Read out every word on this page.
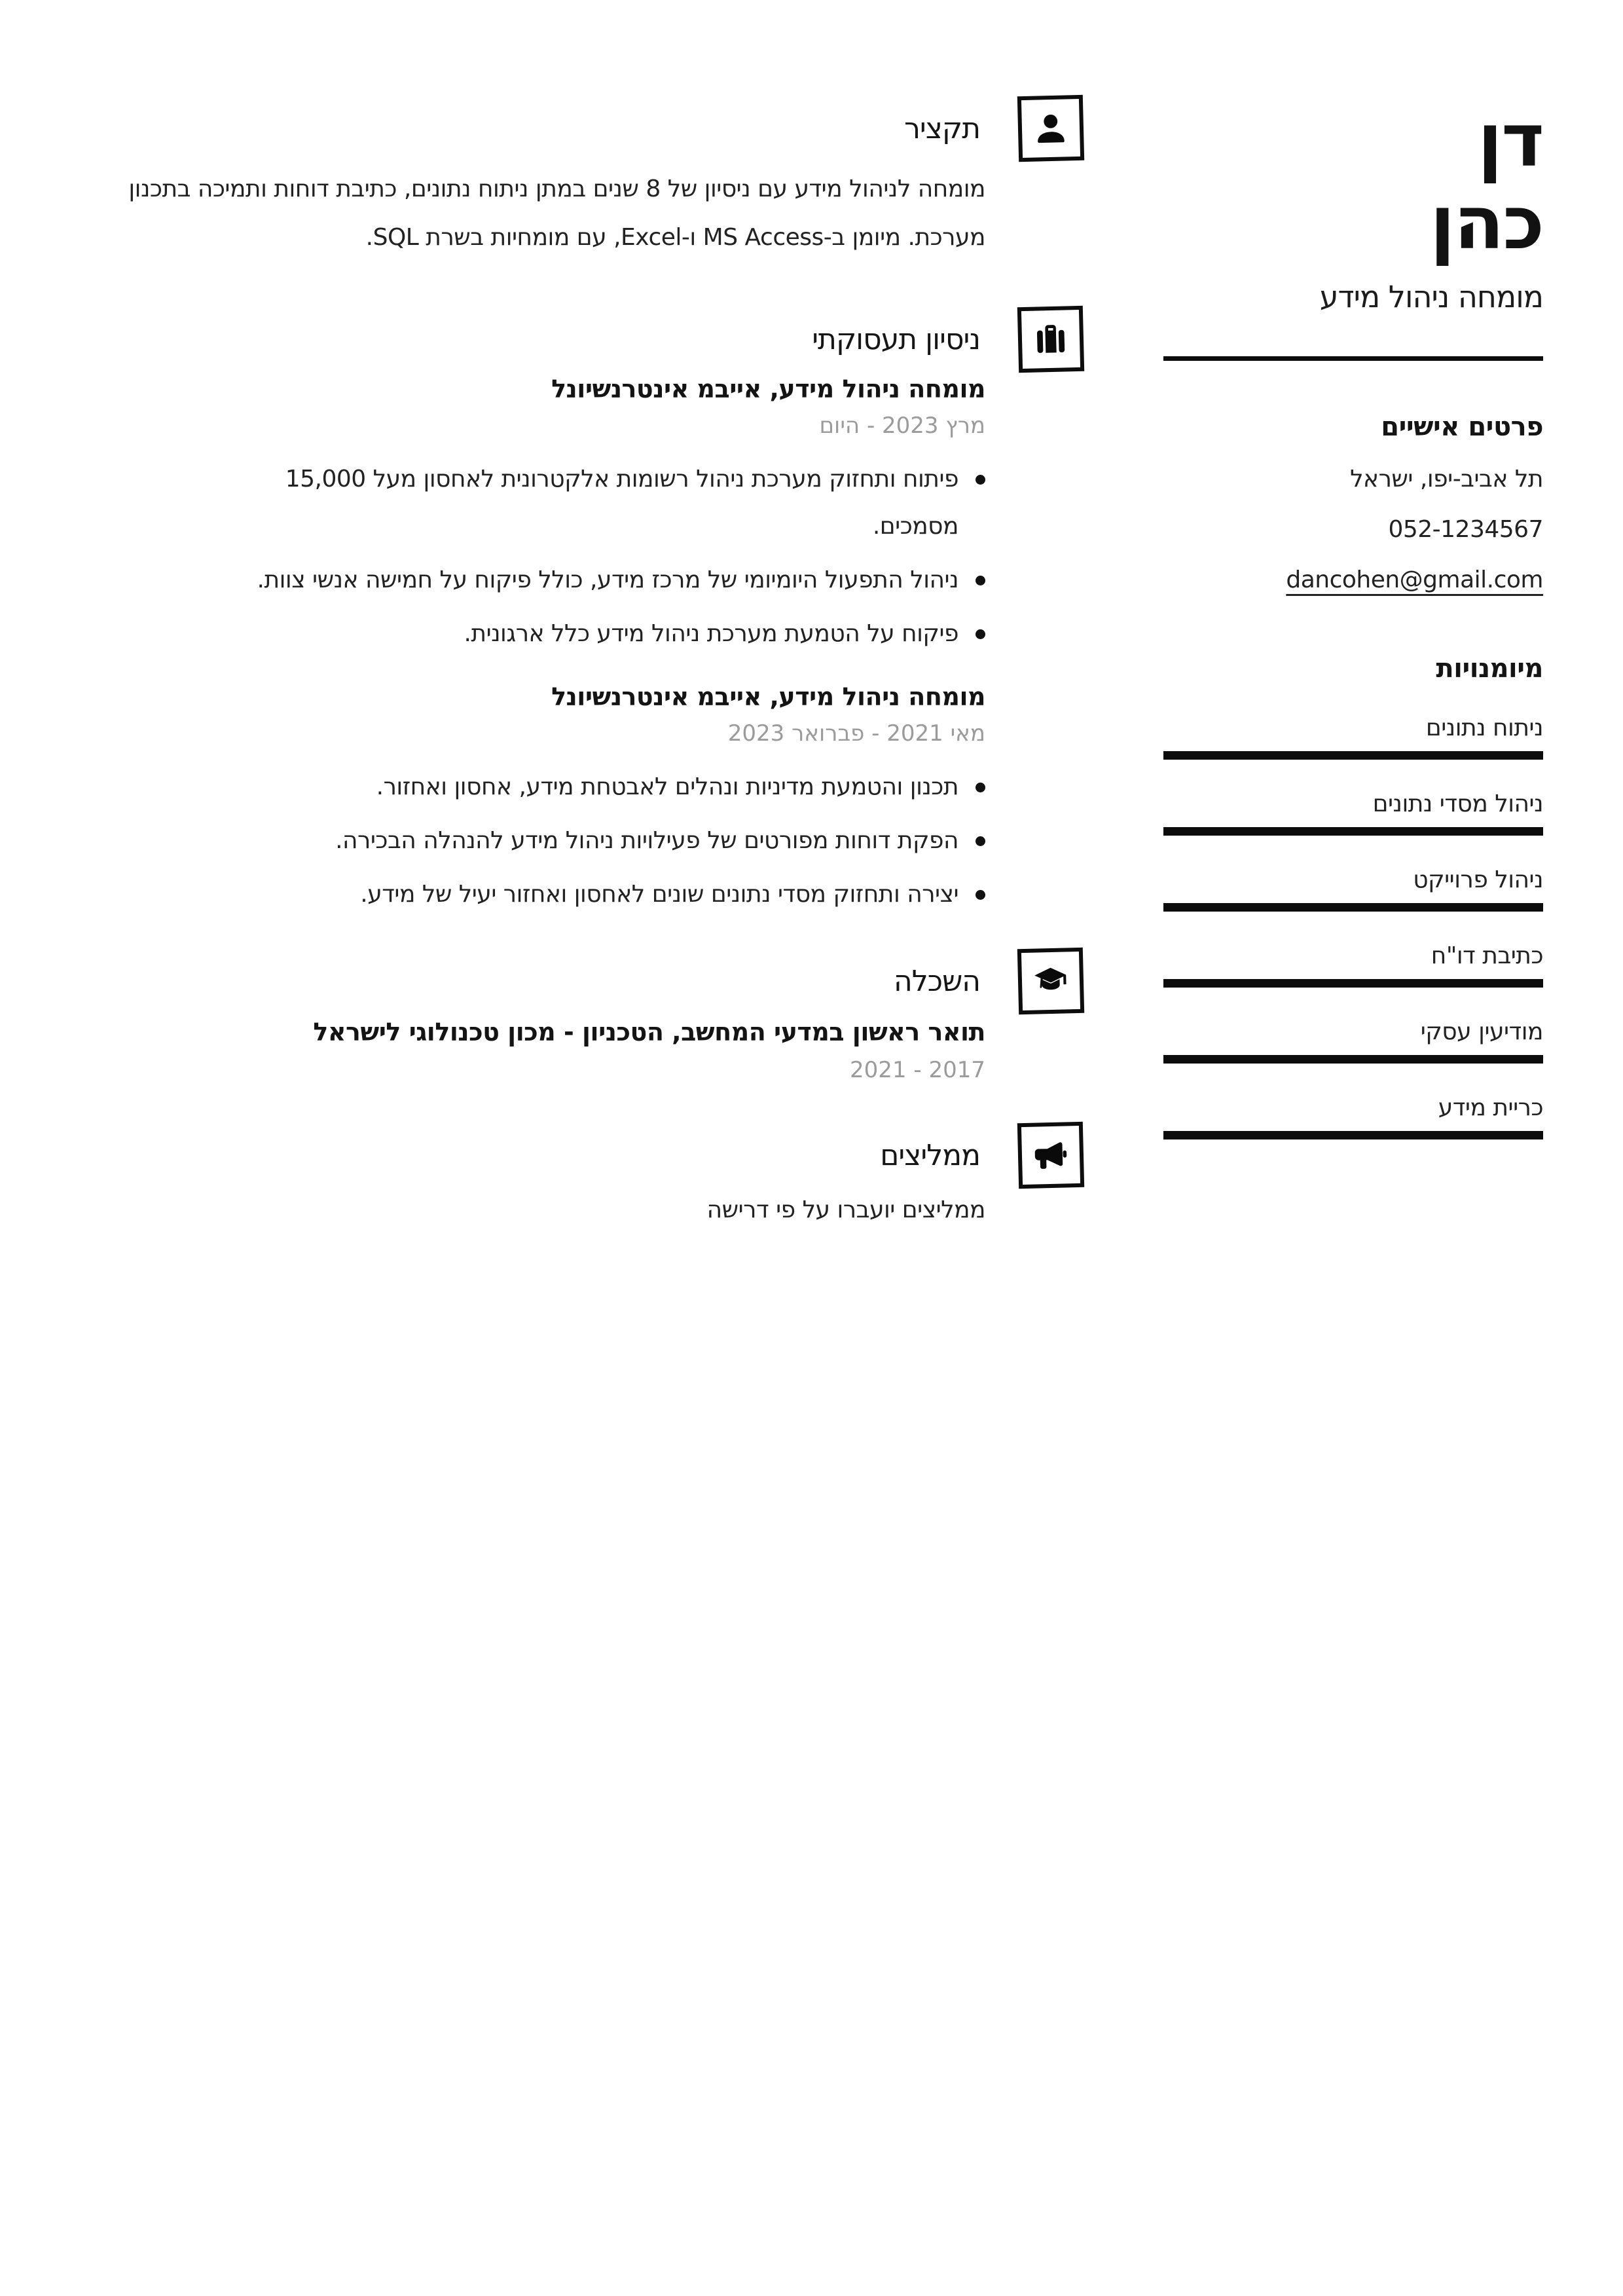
תקציר

מומחה לניהול מידע עם ניסיון של 8 שנים במתן ניתוח נתונים, כתיבת דוחות ותמיכה בתכנון מערכת. מיומן ב-MS Access ו-Excel, עם מומחיות בשרת SQL.

ניסיון תעסוקתי
מומחה ניהול מידע, אייבמ אינטרנשיונל
מרץ 2023 - היום
פיתוח ותחזוק מערכת ניהול רשומות אלקטרונית לאחסון מעל 15,000 מסמכים.
ניהול התפעול היומיומי של מרכז מידע, כולל פיקוח על חמישה אנשי צוות.
פיקוח על הטמעת מערכת ניהול מידע כלל ארגונית.
מומחה ניהול מידע, אייבמ אינטרנשיונל
מאי 2021 - פברואר 2023
תכנון והטמעת מדיניות ונהלים לאבטחת מידע, אחסון ואחזור.
הפקת דוחות מפורטים של פעילויות ניהול מידע להנהלה הבכירה.
יצירה ותחזוק מסדי נתונים שונים לאחסון ואחזור יעיל של מידע.
השכלה
תואר ראשון במדעי המחשב, הטכניון - מכון טכנולוגי לישראל
2017 - 2021
ממליצים

ממליצים יועברו על פי דרישה

דן
כהן
מומחה ניהול מידע
פרטים אישיים
תל אביב-יפו, ישראל
052-1234567
dancohen@gmail.com
מיומנויות
ניתוח נתונים
ניהול מסדי נתונים
ניהול פרוייקט
כתיבת דו"ח
מודיעין עסקי
כריית מידע
